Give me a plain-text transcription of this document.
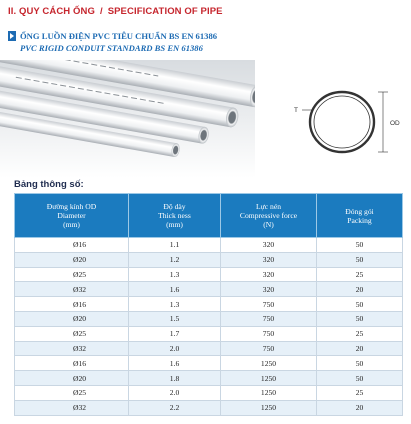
II. QUY CÁCH ỐNG / SPECIFICATION OF PIPE
ỐNG LUỒN ĐIỆN PVC TIÊU CHUẨN BS EN 61386
PVC RIGID CONDUIT STANDARD BS EN 61386
OD
T
Bảng thông số:
Đường kính OD
Diameter
(mm)	Độ dày
Thick ness
(mm)	Lực nén
Compressive force
(N)	Đóng gói
Packing

Ø16	1.1	320	50
Ø20	1.2	320	50
Ø25	1.3	320	25
Ø32	1.6	320	20
Ø16	1.3	750	50
Ø20	1.5	750	50
Ø25	1.7	750	25
Ø32	2.0	750	20
Ø16	1.6	1250	50
Ø20	1.8	1250	50
Ø25	2.0	1250	25
Ø32	2.2	1250	20
